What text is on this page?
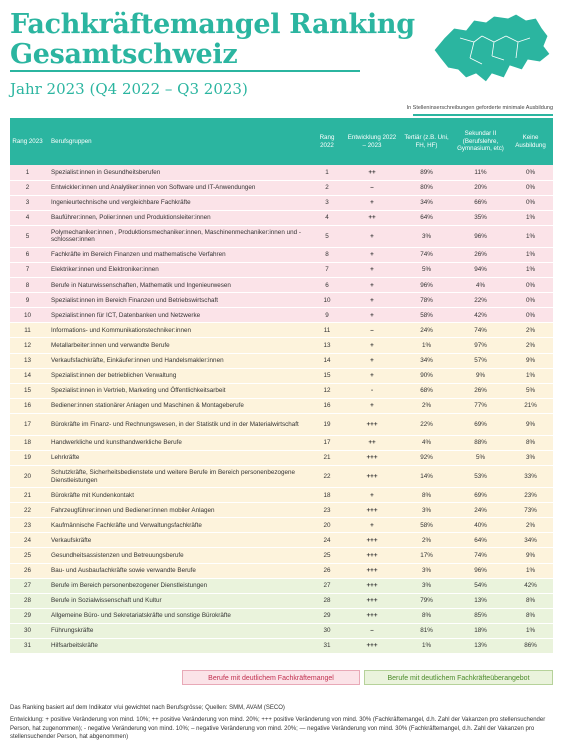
Fachkräftemangel Ranking
Gesamtschweiz
Jahr 2023 (Q4 2022 – Q3 2023)
In Stelleninserschreibungen geforderte minimale Ausbildung
Rang 2023	Berufsgruppen	Rang 2022	Entwicklung 2022 – 2023	Tertiär (z.B. Uni, FH, HF)	Sekundar II (Berufslehre, Gymnasium, etc)	Keine Ausbildung
1	Spezialist:innen in Gesundheitsberufen	1	++	89%	11%	0%
2	Entwickler:innen und Analytiker:innen von Software und IT-Anwendungen	2	–	80%	20%	0%
3	Ingenieurtechnische und vergleichbare Fachkräfte	3	+	34%	66%	0%
4	Bauführer:innen, Polier:innen und Produktionsleiter:innen	4	++	64%	35%	1%
5	Polymechaniker:innen , Produktionsmechaniker:innen, Maschinenmechaniker:innen und -schlosser:innen	5	+	3%	96%	1%
6	Fachkräfte im Bereich Finanzen und mathematische Verfahren	8	+	74%	26%	1%
7	Elektriker:innen und Elektroniker:innen	7	+	5%	94%	1%
8	Berufe in Naturwissenschaften, Mathematik und Ingenieurwesen	6	+	96%	4%	0%
9	Spezialist:innen im Bereich Finanzen und Betriebswirtschaft	10	+	78%	22%	0%
10	Spezialist:innen für ICT, Datenbanken und Netzwerke	9	+	58%	42%	0%
11	Informations- und Kommunikationstechniker:innen	11	–	24%	74%	2%
12	Metallarbeiter:innen und verwandte Berufe	13	+	1%	97%	2%
13	Verkaufsfachkräfte, Einkäufer:innen und Handelsmakler:innen	14	+	34%	57%	9%
14	Spezialist:innen der betrieblichen Verwaltung	15	+	90%	9%	1%
15	Spezialist:innen in Vertrieb, Marketing und Öffentlichkeitsarbeit	12	-	68%	26%	5%
16	Bediener:innen stationärer Anlagen und Maschinen & Montageberufe	16	+	2%	77%	21%
17	Bürokräfte im Finanz- und Rechnungswesen, in der Statistik und in der Materialwirtschaft	19	+++	22%	69%	9%
18	Handwerkliche und kunsthandwerkliche Berufe	17	++	4%	88%	8%
19	Lehrkräfte	21	+++	92%	5%	3%
20	Schutzkräfte, Sicherheitsbedienstete und weitere Berufe im Bereich personenbezogene Dienstleistungen	22	+++	14%	53%	33%
21	Bürokräfte mit Kundenkontakt	18	+	8%	69%	23%
22	Fahrzeugführer:innen und Bediener:innen mobiler Anlagen	23	+++	3%	24%	73%
23	Kaufmännische Fachkräfte und Verwaltungsfachkräfte	20	+	58%	40%	2%
24	Verkaufskräfte	24	+++	2%	64%	34%
25	Gesundheitsassistenzen und Betreuungsberufe	25	+++	17%	74%	9%
26	Bau- und Ausbaufachkräfte sowie verwandte Berufe	26	+++	3%	96%	1%
27	Berufe im Bereich personenbezogener Dienstleistungen	27	+++	3%	54%	42%
28	Berufe in Sozialwissenschaft und Kultur	28	+++	79%	13%	8%
29	Allgemeine Büro- und Sekretariatskräfte und sonstige Bürokräfte	29	+++	8%	85%	8%
30	Führungskräfte	30	–	81%	18%	1%
31	Hilfsarbeitskräfte	31	+++	1%	13%	86%
Berufe mit deutlichem Fachkräftemangel	Berufe mit deutlichem Fachkräfteüberangebot
Das Ranking basiert auf dem Indikator v/ui gewichtet nach Berufsgrösse; Quellen: SMM, AVAM (SECO)
Entwicklung: + positive Veränderung von mind. 10%; ++ positive Veränderung von mind. 20%; +++ positive Veränderung von mind. 30% (Fachkräftemangel, d.h. Zahl der Vakanzen pro stellensuchender Person, hat zugenommen); - negative Veränderung von mind. 10%; – negative Veränderung von mind. 20%; — negative Veränderung von mind. 30% (Fachkräftemangel, d.h. Zahl der Vakanzen pro stellensuchender Person, hat abgenommen)
